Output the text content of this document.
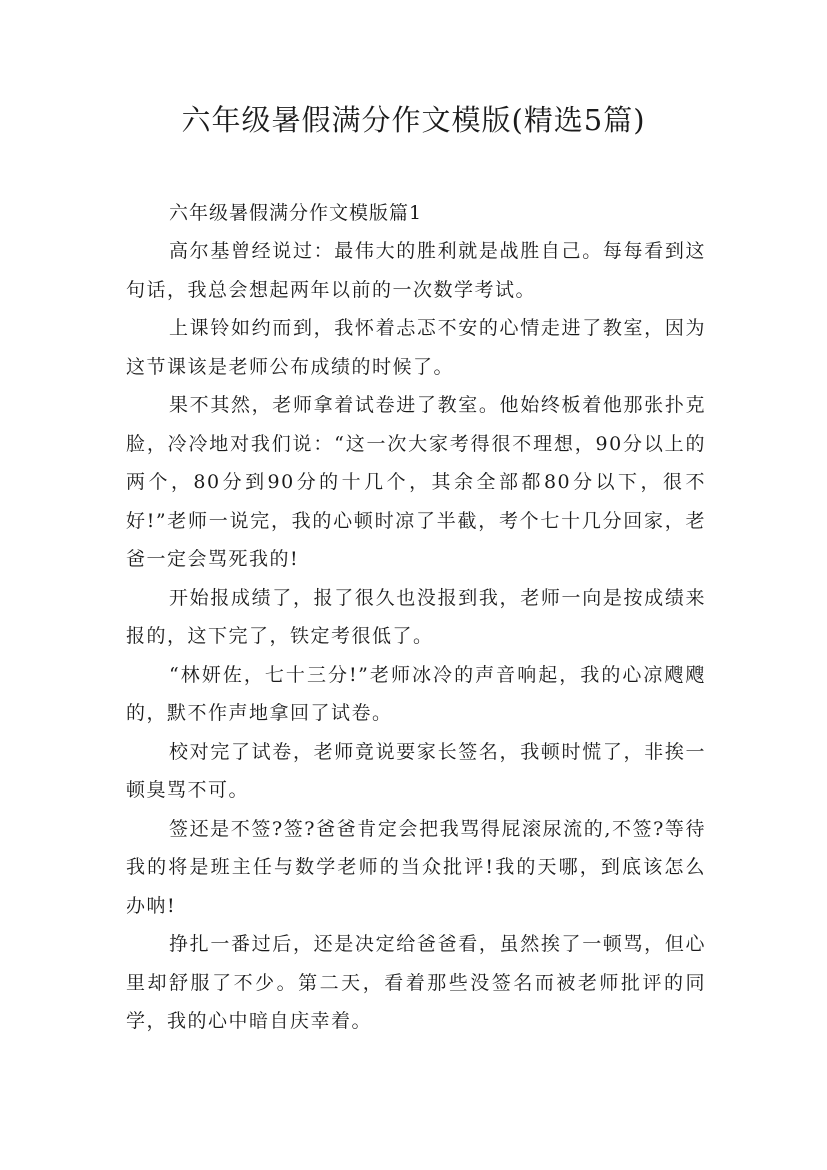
六年级暑假满分作文模版(精选5篇)

六年级暑假满分作文模版篇1

高尔基曾经说过：最伟大的胜利就是战胜自己。每每看到这句话，我总会想起两年以前的一次数学考试。

上课铃如约而到，我怀着忐忑不安的心情走进了教室，因为这节课该是老师公布成绩的时候了。

果不其然，老师拿着试卷进了教室。他始终板着他那张扑克脸，冷冷地对我们说：“这一次大家考得很不理想，90分以上的两个，80分到90分的十几个，其余全部都80分以下，很不好!”老师一说完，我的心顿时凉了半截，考个七十几分回家，老爸一定会骂死我的!

开始报成绩了，报了很久也没报到我，老师一向是按成绩来报的，这下完了，铁定考很低了。

“林妍佐，七十三分!”老师冰冷的声音响起，我的心凉飕飕的，默不作声地拿回了试卷。

校对完了试卷，老师竟说要家长签名，我顿时慌了，非挨一顿臭骂不可。

签还是不签?签?爸爸肯定会把我骂得屁滚尿流的,不签?等待我的将是班主任与数学老师的当众批评!我的天哪，到底该怎么办呐!

挣扎一番过后，还是决定给爸爸看，虽然挨了一顿骂，但心里却舒服了不少。第二天，看着那些没签名而被老师批评的同学，我的心中暗自庆幸着。
